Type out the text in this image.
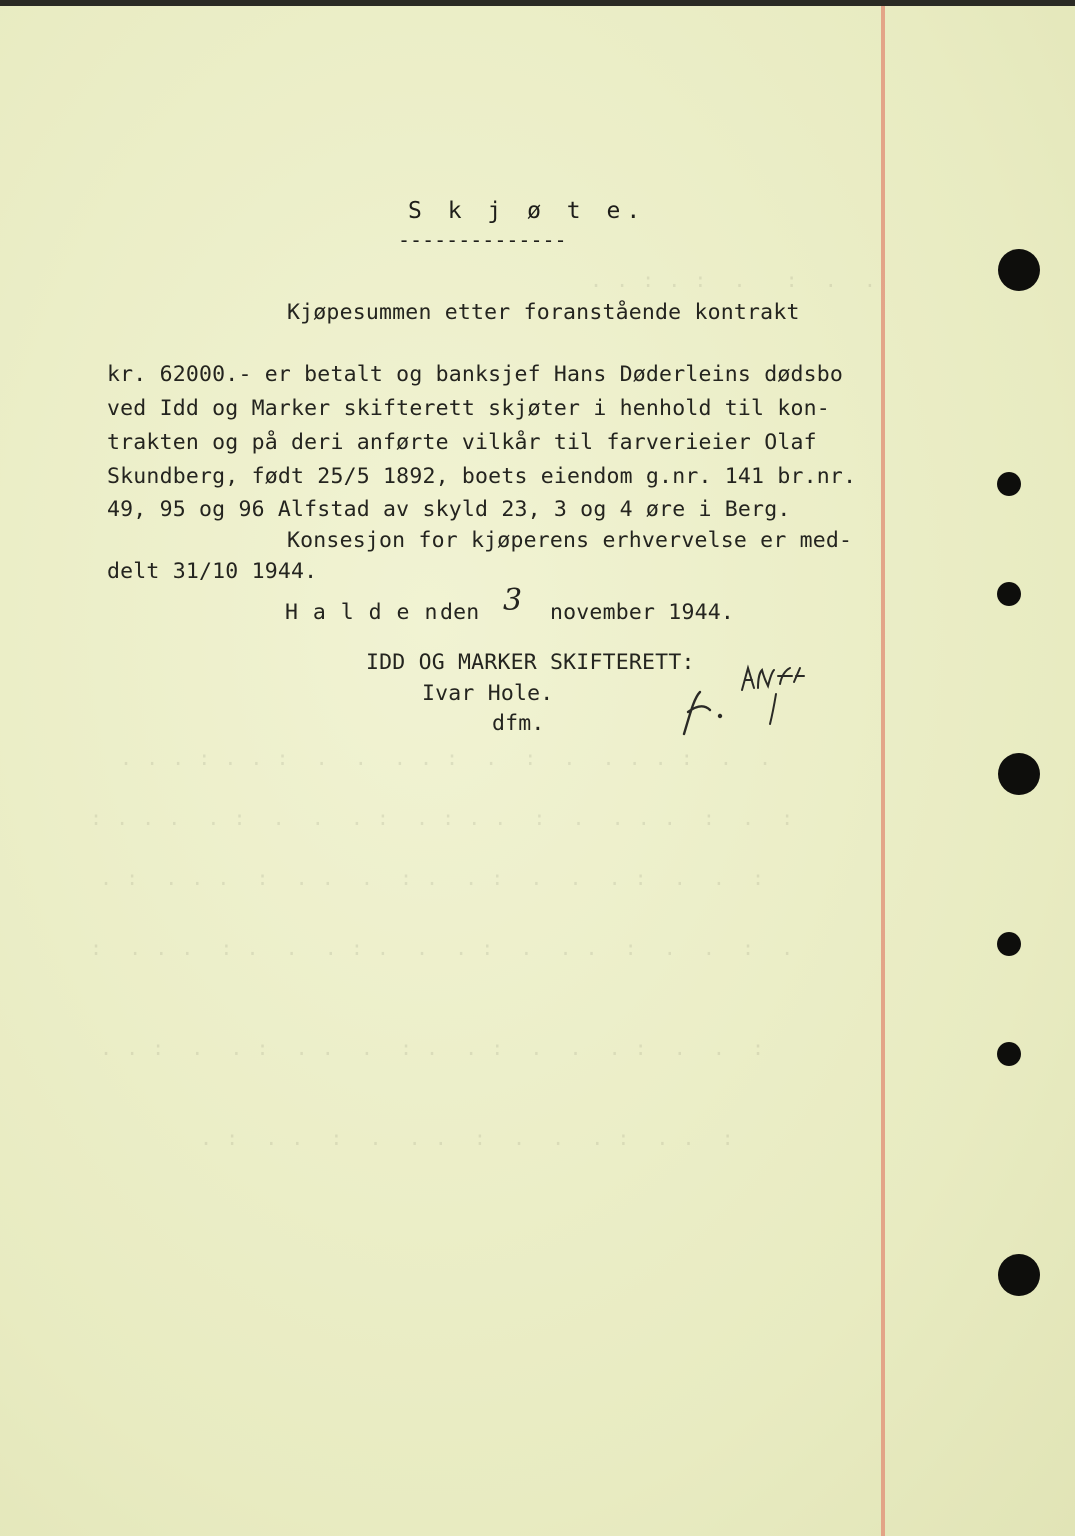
. . : . :  .   :  .  .
. . . : . . :  .  .  . . :  .  :  .  . . . :  .  .
: . . .  . :  .  .  . :  . : . .  :  .  . . .  :  .  :
. :  . . .  :  . .  .  : .  . :  .  .  . :  .  .  :
:  . . .  : .  .  . : .  .  . :  .  . .  :  .  .  :  .
. . :  .  . :  . .  .  : .  . :  .  .  . :  .  .  :
. :  . .  :  .  . .  :  .  .  . :  . .  :
S k j ø t e.
--------------
Kjøpesummen etter foranstående kontrakt
kr. 62000.- er betalt og banksjef Hans Døderleins dødsbo
ved Idd og Marker skifterett skjøter i henhold til kon-
trakten og på deri anførte vilkår til farverieier Olaf
Skundberg, født 25/5 1892, boets eiendom g.nr. 141 br.nr.
49, 95 og 96 Alfstad av skyld 23, 3 og 4 øre i Berg.
Konsesjon for kjøperens erhvervelse er med-
delt 31/10 1944.
H a l d e n den 3 november 1944.
IDD OG MARKER SKIFTERETT:
Ivar Hole.
dfm.
